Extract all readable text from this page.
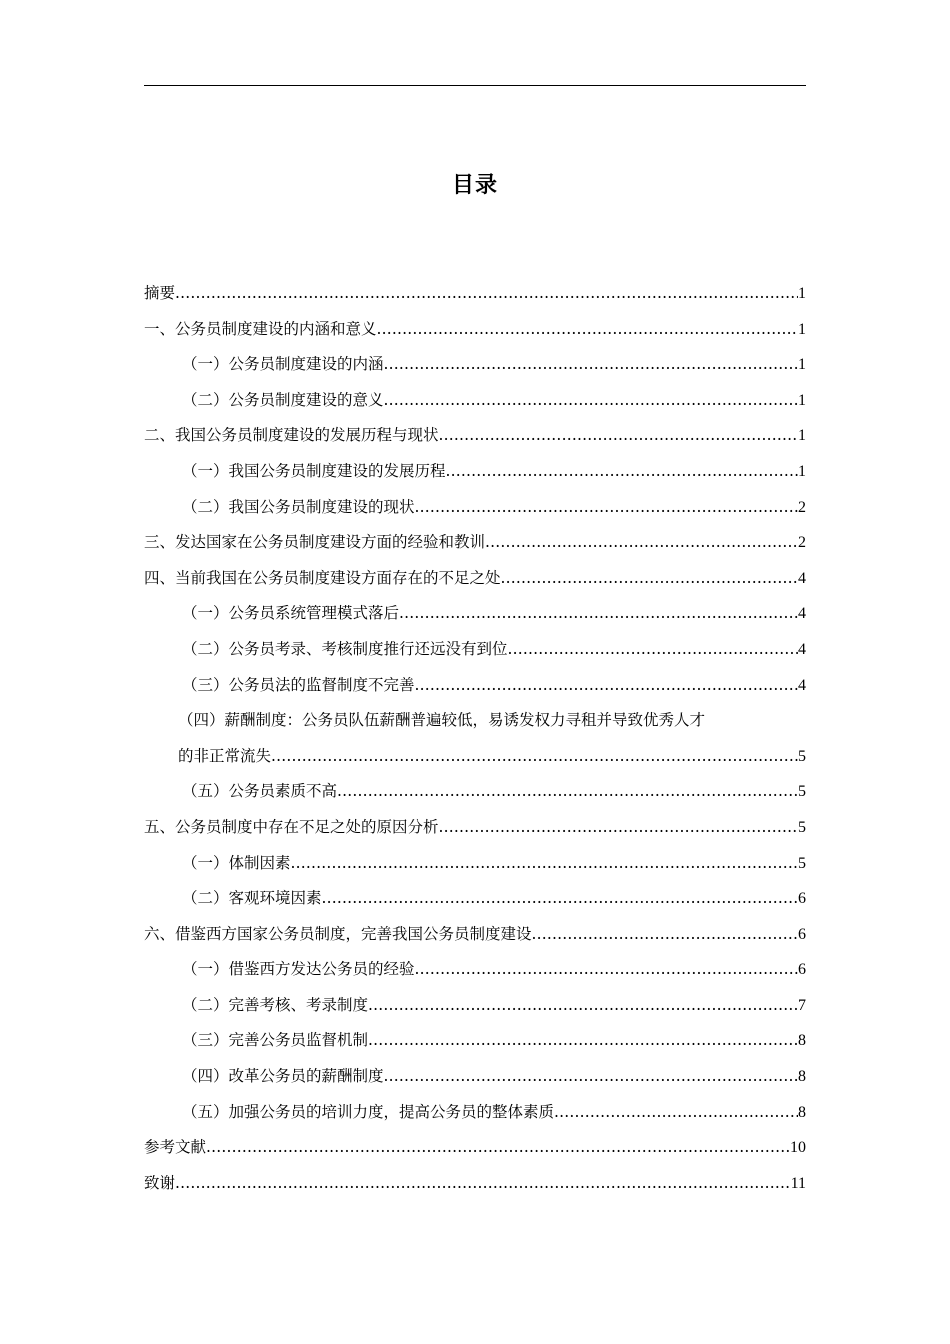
目录
摘要 .....	1
一、公务员制度建设的内涵和意义 .....	1
（一）公务员制度建设的内涵 .....	1
（二）公务员制度建设的意义 .....	1
二、我国公务员制度建设的发展历程与现状 .....	1
（一）我国公务员制度建设的发展历程 .....	1
（二）我国公务员制度建设的现状 .....	2
三、发达国家在公务员制度建设方面的经验和教训 .....	2
四、当前我国在公务员制度建设方面存在的不足之处 .....	4
（一）公务员系统管理模式落后 .....	4
（二）公务员考录、考核制度推行还远没有到位 .....	4
（三）公务员法的监督制度不完善 .....	4
（四）薪酬制度：公务员队伍薪酬普遍较低，易诱发权力寻租并导致优秀人才
的非正常流失 .....	5
（五）公务员素质不高 .....	5
五、公务员制度中存在不足之处的原因分析 .....	5
（一）体制因素 .....	5
（二）客观环境因素 .....	6
六、借鉴西方国家公务员制度，完善我国公务员制度建设 .....	6
（一）借鉴西方发达公务员的经验 .....	6
（二）完善考核、考录制度 .....	7
（三）完善公务员监督机制 .....	8
（四）改革公务员的薪酬制度 .....	8
（五）加强公务员的培训力度，提高公务员的整体素质 .....	8
参考文献 .....	10
致谢 .....	11
